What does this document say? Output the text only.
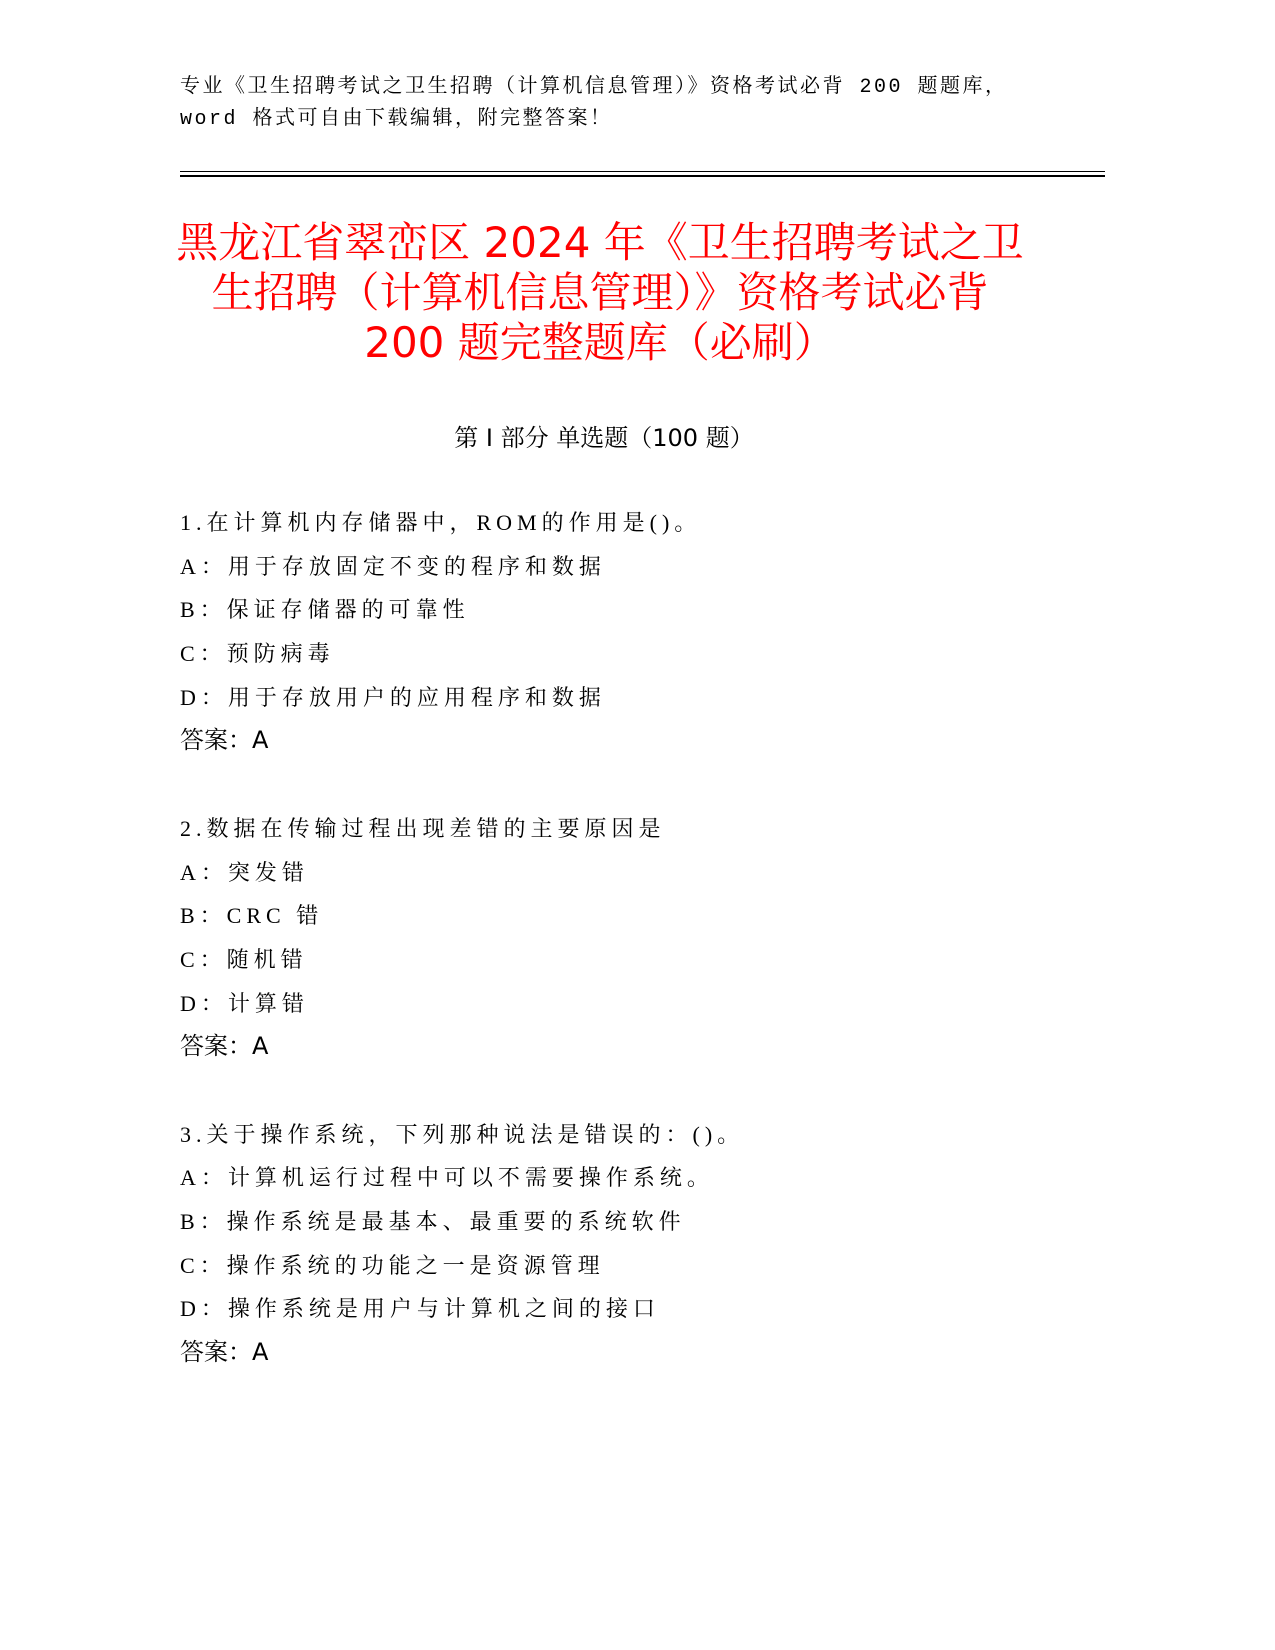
专业《卫生招聘考试之卫生招聘（计算机信息管理）》资格考试必背 200 题题库，
word 格式可自由下载编辑，附完整答案！
黑龙江省翠峦区 2024 年《卫生招聘考试之卫
生招聘（计算机信息管理）》资格考试必背
200 题完整题库（必刷）
第 I 部分 单选题（100 题）
1.在计算机内存储器中，ROM的作用是()。
A：用于存放固定不变的程序和数据
B：保证存储器的可靠性
C：预防病毒
D：用于存放用户的应用程序和数据
答案：A
2.数据在传输过程出现差错的主要原因是
A：突发错
B：CRC 错
C：随机错
D：计算错
答案：A
3.关于操作系统，下列那种说法是错误的：()。
A：计算机运行过程中可以不需要操作系统。
B：操作系统是最基本、最重要的系统软件
C：操作系统的功能之一是资源管理
D：操作系统是用户与计算机之间的接口
答案：A
